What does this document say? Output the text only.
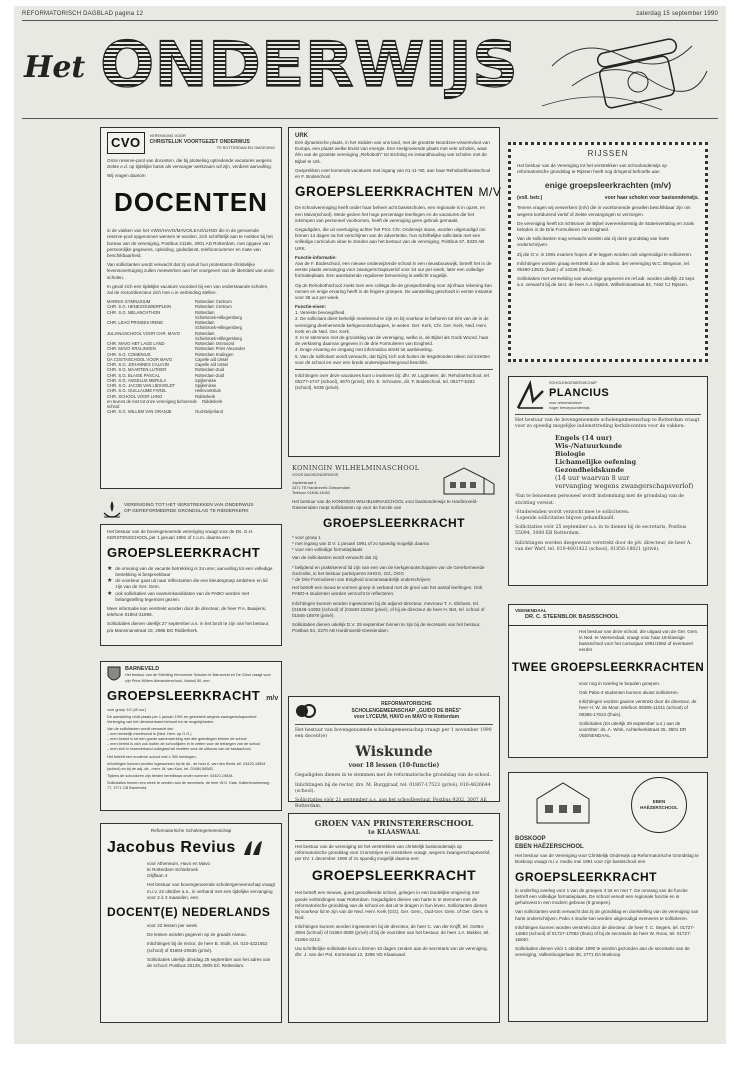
REFORMATORISCH DAGBLAD pagina 12	zaterdag 15 september 1990
Het ONDERWIJS
CVO	VERENIGING VOOR
CHRISTELIJK VOORTGEZET ONDERWIJS
TE ROTTERDAM EN OMGEVING

Onze reserve-pool van docenten, die bij plotseling optredende vacatures wegens ziekte e.d. op tijdelijke basis als vervanger werkzaam wil zijn, verdient aanvulling.

Wij vragen daarom

DOCENTEN

in de vakken van het VWO/HAVO/MAVO/LEAO/LHNO die in de genoemde reserve-pool opgenomen wensen te worden, zich schriftelijk aan te melden bij het bureau van de vereniging, Postbus 21156, 3001 AD Rotterdam, met opgave van persoonlijke gegevens, opleiding, godsdienst, telefoonnummer en mate van beschikbaarheid.

Van sollicitanten wordt verwacht dat zij vanuit hun protestants-christelijke levensovertuiging zullen meewerken aan het voorgeven van de identiteit van onze scholen.

In geval zich een tijdelijke vacature voordoet bij een van onderstaande scholen, zal de rector/directeur zich met u in verbinding stellen.

MARNIX GYMNASIUM	Rotterdam Centrum
CHR. S.G. HENEGOUWERPLEIN	Rotterdam Centrum
CHR. S.G. MELANCHTHON	Rotterdam
Schiebroek-Hillegersberg
CHR. LEAO PRINSES IRENE	Rotterdam
Schiebroek-Hillegersberg
JULIANASCHOOL VOOR CHR. MAVO	Rotterdam
Schiebroek-Hillegersberg
CHR. MAVO HET LAGE LAND	Rotterdam Ommoord
CHR. MAVO KRALINGEN	Rotterdam Prins Alexander
CHR. S.G. COMENIUS	Rotterdam Kralingen
DA COSTASCHOOL VOOR MAVO	Capelle a/d IJssel
CHR. S.G. JOHANNES CALVIJN	Capelle a/d IJssel
CHR. S.G. MAARTEN LUTHER	Rotterdam-Zuid
CHR. S.G. BLAISE PASCAL	Rotterdam-Zuid
CHR. S.G. ANGELUS MERULA	Spijkenisse
CHR. S.G. JACOB VAN LIESVELDT	Spijkenisse
CHR. S.G. GUILLAUME FAREL	Hellevoetsluis
CHR. SCHOOL VOOR LHNO	Ridderkerk
en tevens de met tot onze vereniging behorende school:
Ridderkerk
CHR. S.G. WILLEM VAN ORANJE	Oud-Beijerland
VERENIGING TOT HET VERSTREKKEN VAN ONDERWIJS
OP GEREFORMEERDE GRONDSLAG TE RIDDERKERK

Het bestuur van de bovengenoemde vereniging vraagt voor de Ds. G.H. KERSTENSCHOOL per 1 januari 1991 of z.o.m. daarna een

GROEPSLEERKRACHT
★ de omvang van de vacante betrekking is 34 uren; aanvulling tot een volledige betrekking is bespreekbaar
★ de voorkeur gaat uit naar reflectanten die een kleutergroep ambiëren en lid zijn van de Ger. Gem.
★ ook sollicitaties van examenkandidaten van de PABO worden met belangstelling tegemoet gezien.

Meer informatie kan verstrekt worden door de directeur, de heer P.A. Baaijens, telefoon 01804-31896.

Sollicitaties dienen uiterlijk 27 september a.s. in het bezit te zijn van het bestuur, p/a Mansmanstraat 15, 2985 BG Ridderkerk.

BARNEVELD
Het bestuur van de Stichting Hervormde Scholen te Barneveld en De Glind vraagt voor zijn Prins Willem Alexanderschool, Voskuil 50, een
GROEPSLEERKRACHT m/v
voor groep 1/2 (40 uur)
De aanstelling vindt plaats per 1 januari 1991 en geschiedt wegens zwangerschapsverlof. Verlenging van het dienstverband behoort tot de mogelijkheden.
Van de sollicitanten wordt verwacht dat:
– men kerkelijk meelevend is (Ned. Herv. op G.G.)
– men bereid is tot een goede samenwerking met alle geledingen binnen de school
– men bereid is zich ook buiten de schooltijden in te zetten voor de belangen van de school
– men zich in teamverband collegiaal wil inzetten voor de uitbouw van de basisschool.
Het betreft een moderne school met ± 300 leerlingen.
Inlichtingen kunnen worden ingewonnen bij de dir., de heer A. van den Berkt, tel. 03420-19834 (school) en bij de adj.-dir., mevr. W. van Kooi, tel. 03484-56583.
Tijdens de schooluren zijn beiden bereikbaar onder nummer: 03420-19834.
Sollicitaties binnen een week te zenden aan de secretaris, de heer W.G. Kats, Kallenbroekerweg 77, 3771 CB Barneveld.
Reformatorische Scholengemeenschap
Jacobus Revius
voor Atheneum, Havo en Mavo
te Rotterdam-Schiebroek
Olijflaan 4

Het bestuur van bovengenoemde scholengemeenschap vraagt m.i.v. 22 oktober a.s., in verband met een tijdelijke vervanging voor 2 à 3 maanden, een

DOCENT(E) NEDERLANDS

voor 22 lessen per week.

De lessen worden gegeven op 2e graads niveau.

Inlichtingen bij de rector, de heer B. Stolk, tel. 010-4221652 (school) of 01804-20636 (privé).

Sollicitaties uiterlijk dinsdag 25 september aan het adres van de school: Postbus 33129, 3005 EC Rotterdam.

URK

Een dynamische plaats, in het midden van ons land, met de grootste Noordzee-vissersvloot van Europa, een plaats welke bruist van energie. Een snelgroeiende plaats met vele scholen, waar één van de grootste vereniging „Rehoboth” tot stichting en instandhouding van scholen met de Bijbel te Urk.

Gesprekken over komende vacatures met ingang van 01-11-’90, aan haar Rehobothbasisschool en F. Bodeschool

GROEPSLEERKRACHTEN M/V

De schoolvereniging heeft onder haar beheer acht basisscholen, een regionale is in opzet, en een Mavo(school). Mede gezien het hoge percentage leerlingen en de vacatures die het inkrimpen van personeel voorkomen, heeft de vereniging geen gebruik gemaakt.

Gegadigden, die uit overtuiging achter het Prot. Chr. Onderwijs staan, worden uitgenodigd om binnen 14 dagen na het verschijnen van de advertentie, hun schriftelijke sollicitatie met een volledige curriculum vitae te zenden aan het bestuur van de vereniging, Postbus 67, 8320 AB URK.

Functie-informatie:

Aan de F. Bodeschool, een nieuwe onderwijzende school in een nieuwbouwwijk, betreft het in de eerste plaats vervanging voor zwangerschapsverlof voor 34 uur per week, later een volledige formatieplaats. Een aansluitende regulieree benoeming is wellicht mogelijk.

Op de Rehobothschool zoekt men een collega die de groeperbreding voor zijn/haar rekening kan nemen en enige ervaring heeft in de hogere groepen. De aanstelling geschiedt in eerste instantie voor 38 uur per week.

Functie-eisen:
1. Vereiste bevoegdheid.
2. De sollicitant dient kerkelijk meelevend te zijn en bij voorkeur te behoren tot één van de in de vereniging deelnemende kerkgenootschappen, te weten: Ger. Kerk, Chr. Ger. Kerk, Ned. Herv. Kerk en de Ned. Ger. Kerk.
3. In te stemmen met de grondslag van de vereniging, welke is, de Bijbel als Gods Woord, haar de verklaring daarvan gegeven in de drie Formulieren van Enigheid.
4. Enige ervaring en omgang met informatica strekt tot aanbeveling.
5. Van de sollicitant wordt verwacht, dat hij/zij zich ook buiten de lesgebonden taken zal inzetten voor de school en over een brede onderwijsachtergrond beschikt.

Inlichtingen over deze vacatures kunt u inwinnen bij: dhr. W. Logtmeier, dir. Rehobothschool, tel. 05277-4747 (school), 4670 (privé), Dhr. E. Schouten, dir. F. Bodeschool, tel. 05277-5282 (school), 5036 (privé).

KONINGIN WILHELMINASCHOOL
VOOR BASISONDERWIJS
Jupiterstraat 4
3371 TE Hardinxveld-Giessendam
Telefoon 01846-14053

Het bestuur van de KONINGIN WILHELMINASCHOOL voor basisonderwijs te Hardinxveld-Giessendam roept sollicitanten op voor de functie van

GROEPSLEERKRACHT
* voor groep 1
* met ingang van D.V. 1 januari 1991 of zo spoedig mogelijk daarna
* voor een volledige formatieplaats

Van de sollicitanten wordt verwacht dat zij:

* belijdend en praktiserend lid zijn van een van de kerkgenootschappen van de Gereformeerde Gezindte, in het bestuur participeren NHGG, GG, OGG
* de Drie Formulieren van Enigheid onvoorwaardelijk onderschrijven

Het betreft een nieuw te vormen groep in verband met de groei van het aantal leerlingen. Ook PABO-4 studenten worden verzocht te reflecteren.

Inlichtingen kunnen worden ingewonnen bij de adjunct-directeur, mevrouw T. A. Elshans, tel. (01846-14053 (school) of (01840-15264 (privé), of bij de directeur de heer H. Bet, tel. school of 01846-18979 (privé).

Sollicitaties dienen uiterlijk D.V. 29 september binnen te zijn bij de secretaris van het bestuur, Postbus 54, 3370 AB Hardinxveld-Giessendam.

REFORMATORISCHE
SCHOLENGEMEENSCHAP „GUIDO DE BRÈS”
voor LYCEUM, HAVO en MAVO te Rotterdam

Het bestuur van bovengenoemde scholengemeenschap vraagt per 1 november 1990 een docent(e)

Wiskunde
voor 18 lessen (10-functie)

Gegadigden dienen in te stemmen met de reformatorische grondslag van de school.

Inlichtingen bij de rector, drs. M. Burggraaf, tel. 01807-17523 (privé), 010-4826644 (school).

Sollicitaties vóór 21 september a.s. aan het schoolbestuur, Postbus 9202, 3007 AE Rotterdam.

GROEN VAN PRINSTERERSCHOOL
te KLAASWAAL

Het bestuur van de vereniging tot het verstrekken van christelijk basisonderwijs op reformatorische grondslag voor Cromstrijen en omstreken vraagt, wegens zwangerschapsverlof, per DV. 1 december 1990 of zo spoedig mogelijk daarna een:

GROEPSLEERKRACHT

Het betreft een nieuwe, goed geoutilleerde school, gelegen in een landelijke omgeving met goede verbindingen naar Rotterdam. Gegadigden dienen van harte in te stemmen met de reformatorische grondslag van de school en dat uit te dragen in hun leven. Sollicitanten dienen bij voorkeur lid te zijn van de Ned. Herv. Kerk (GG), Ger. Gem., Oud-Ger. Gem. of Ger. Gem. in Ned.

Inlichtingen kunnen worden ingewonnen bij de directeur, de heer C. van der Knijff, tel. 01864-3594 (school) of 01864-3508 (privé) of bij de voorzitter van het bestuur, de heer J.A. Bakker, tel. 01864-3213.

Uw schriftelijke sollicitatie kunt u binnen 10 dagen zenden aan de secretaris van de vereniging, dhr. J. van der Pol, Kornstraat 12, 3286 VD Klaaswaal.

RIJSSEN

Het bestuur van de Vereniging tot het verstrekken van schoolonderwijs op reformatorische grondslag te Rijssen heeft nog dringend behoefte aan

enige groepsleerkrachten (m/v)
(voll. betr.)	voor haar scholen voor basisonderwijs.

Tevens vragen wij verwerkers (m/v) die in voorkomende gevallen beschikbaar zijn om wegens kortdurend verlof of ziekte vervangingen te verzorgen.

De vereniging heeft tot richtsnoer de Bijbel overeenkomstig de Statenvertaling en zoals beleden in de Drie Formulieren van Enigheid.

Van de sollicitanten mag verwacht worden dat zij deze grondslag van harte onderschrijven.

Zij die O.V. in 1991 examen hopen af te leggen worden ook uitgenodigd te solliciteren.

Inlichtingen worden graag verstrekt door de admin. der vereniging W.C. Blegman, tel. 05480-13631 (kant.) of 14236 (thuis).

Sollicitaties met vermelding van uitvoerige gegevens en ref.adr. worden uiterlijk 22 sept. a.s. verwacht bij de sect. de heer A.J. Nijsink, Wilhelminastraat 84, 7462 CJ Rijssen.

SCHOLENGEMEENSCHAP
PLANCIUS
voor reformatorisch
hoger beroepsonderwijs

Het bestuur van de bovengenoemde scholengemeenschap te Rotterdam vraagt voor zo spoedig mogelijke indiensttreding kerkdocenten voor de vakken:

Engels (14 uur)
Wis-/Natuurkunde
Biologie
Lichamelijke oefening
Gezondheidskunde
(14 uur waarvan 8 uur
vervanging wegens zwangerschapsverlof)

-Van te benoemen personeel wordt instemming met de grondslag van de stichting vereist.

-Studerenden wordt verzocht mee te solliciteren.

-Lopende sollicitaties blijven gehandhaafd.

Sollicitaties vóór 25 september a.s. in te dienen bij de secretaris, Postbus 55094, 3008 EB Rotterdam.

Inlichtingen worden desgewenst verstrekt door de plv. directeur, de heer A. van der Werf, tel. 010-4801422 (school), 01856-18021 (privé).

VEENENDAAL
DR. C. STEENBLOK BASISSCHOOL

Het bestuur van deze school, die uitgaat van de Ger. Gem. in Ned. te Veenendaal, vraagt voor haar 18-klassige basisschool voor het cursusjaar 1991/1992 of eventueel eerder

TWEE GROEPSLEERKRACHTEN

voor nog in overleg te bepalen groepen.

Ook Pabo-4 studenten kunnen alvast solliciteren.

Inlichtingen worden gaarne verstrekt door de directeur, de heer H. W. de Moor, telefoon 08385-11011 (school) of 08385-17623 (thuis).

Sollicitaties (tot uiterlijk 29 september a.s.) aan de voorzitter: ds. A. Wink, Achterkerkstraat 35, 3901 DR VEENENDAAL.

EBEN HAËZERSCHOOL
BOSKOOP
EBEN HAËZERSCHOOL

Het bestuur van de Vereniging voor Christelijk Onderwijs op Reformatorische Grondslag te Boskoop vraagt m.i.v. medio mei 1991 voor zijn basisschool een

GROEPSLEERKRACHT

in onderling overleg voor 1 van de groepen 4 tot en met 7. De omvang van de functie betreft een volledige formatieplaats. De school vervult een regionale functie en is gehuisvest in een modern gebouw (8 groepen).

Van sollicitanten wordt verwacht dat zij de grondslag en doelstelling van de vereniging van harte onderschrijven. Pabo 4 studie kan worden uitgenodigd eveneens te solliciteren.

Inlichtingen kunnen worden verstrekt door de directeur, de heer T. C. Segers, tel. 01727-14883 (school) of 01727-17052 (thuis) of bij de secretaris de heer W. Roos, tel. 01727-15840.

Sollicitaties dienen vóór 1 oktober 1990 te worden gezonden aan de secretaris van de vereniging, Valkenburgerlaan 36, 2771 DA Boskoop.
